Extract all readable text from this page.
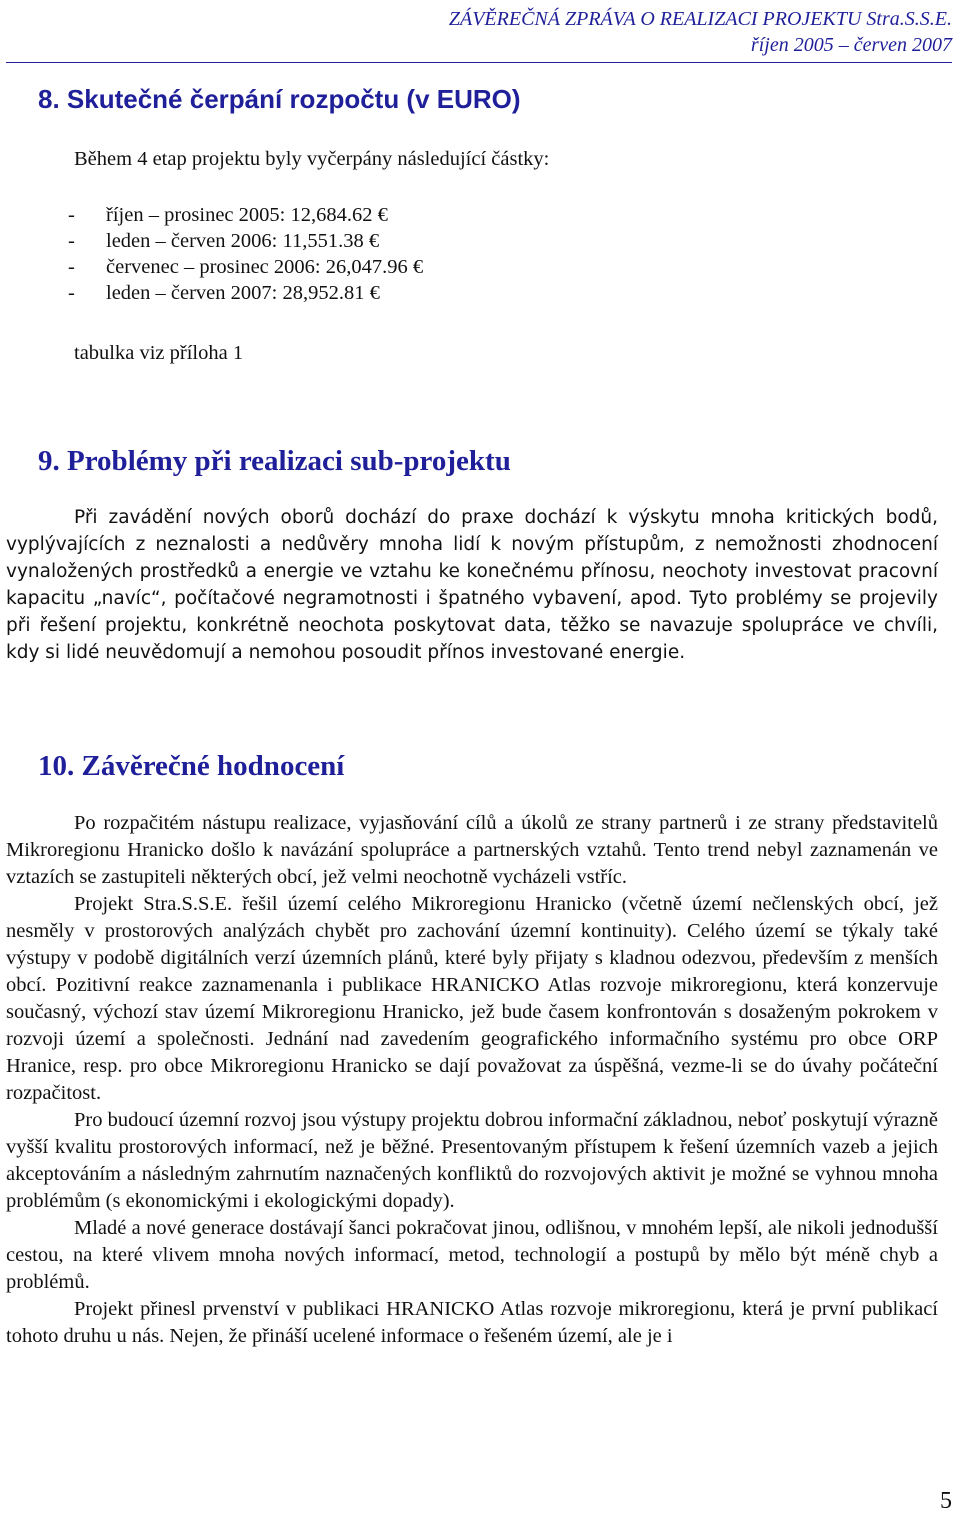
ZÁVĚREČNÁ ZPRÁVA O REALIZACI PROJEKTU Stra.S.S.E.
říjen 2005 – červen 2007
8. Skutečné čerpání rozpočtu (v EURO)
Během 4 etap projektu byly vyčerpány následující částky:
- říjen – prosinec 2005: 12,684.62 €
- leden – červen 2006: 11,551.38 €
- červenec – prosinec 2006: 26,047.96 €
- leden – červen 2007: 28,952.81 €
tabulka viz příloha 1
9. Problémy při realizaci sub-projektu
Při zavádění nových oborů dochází do praxe dochází k výskytu mnoha kritických bodů, vyplývajících z neznalosti a nedůvěry mnoha lidí k novým přístupům, z nemožnosti zhodnocení vynaložených prostředků a energie ve vztahu ke konečnému přínosu, neochoty investovat pracovní kapacitu „navíc“, počítačové negramotnosti i špatného vybavení, apod. Tyto problémy se projevily při řešení projektu, konkrétně neochota poskytovat data, těžko se navazuje spolupráce ve chvíli, kdy si lidé neuvědomují a nemohou posoudit přínos investované energie.
10. Závěrečné hodnocení

Po rozpačitém nástupu realizace, vyjasňování cílů a úkolů ze strany partnerů i ze strany představitelů Mikroregionu Hranicko došlo k navázání spolupráce a partnerských vztahů. Tento trend nebyl zaznamenán ve vztazích se zastupiteli některých obcí, jež velmi neochotně vycházeli vstříc.

Projekt Stra.S.S.E. řešil území celého Mikroregionu Hranicko (včetně území nečlenských obcí, jež nesměly v prostorových analýzách chybět pro zachování územní kontinuity). Celého území se týkaly také výstupy v podobě digitálních verzí územních plánů, které byly přijaty s kladnou odezvou, především z menších obcí. Pozitivní reakce zaznamenanla i publikace HRANICKO Atlas rozvoje mikroregionu, která konzervuje současný, výchozí stav území Mikroregionu Hranicko, jež bude časem konfrontován s dosaženým pokrokem v rozvoji území a společnosti. Jednání nad zavedením geografického informačního systému pro obce ORP Hranice, resp. pro obce Mikroregionu Hranicko se dají považovat za úspěšná, vezme-li se do úvahy počáteční rozpačitost.

Pro budoucí územní rozvoj jsou výstupy projektu dobrou informační základnou, neboť poskytují výrazně vyšší kvalitu prostorových informací, než je běžné. Presentovaným přístupem k řešení územních vazeb a jejich akceptováním a následným zahrnutím naznačených konfliktů do rozvojových aktivit je možné se vyhnou mnoha problémům (s ekonomickými i ekologickými dopady).

Mladé a nové generace dostávají šanci pokračovat jinou, odlišnou, v mnohém lepší, ale nikoli jednodušší cestou, na které vlivem mnoha nových informací, metod, technologií a postupů by mělo být méně chyb a problémů.

Projekt přinesl prvenství v publikaci HRANICKO Atlas rozvoje mikroregionu, která je první publikací tohoto druhu u nás. Nejen, že přináší ucelené informace o řešeném území, ale je i

5
